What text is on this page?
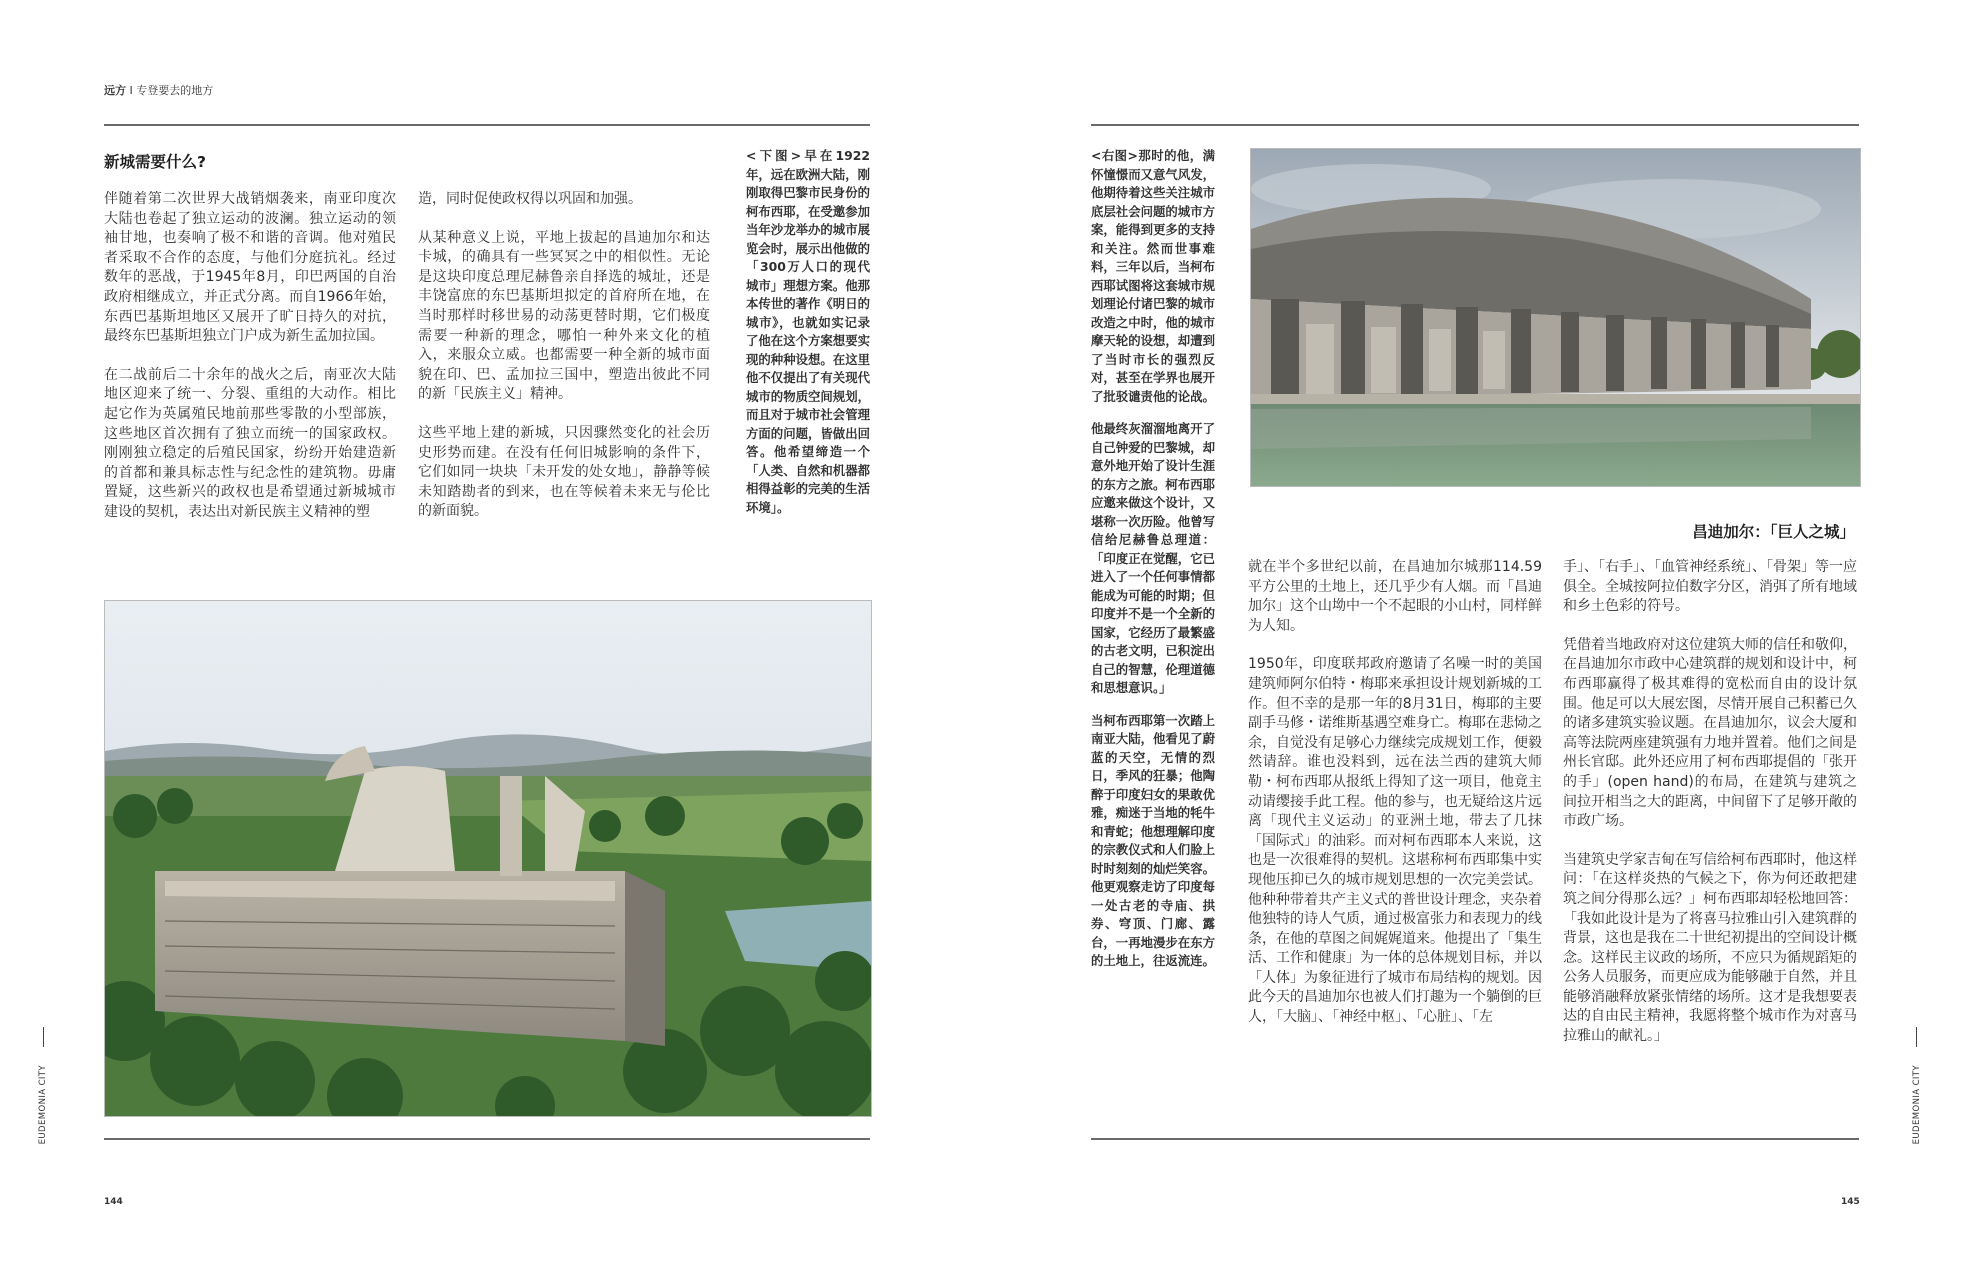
远方 I 专登要去的地方
新城需要什么?

伴随着第二次世界大战销烟袭来，南亚印度次大陆也卷起了独立运动的波澜。独立运动的领袖甘地，也奏响了极不和谐的音调。他对殖民者采取不合作的态度，与他们分庭抗礼。经过数年的恶战，于1945年8月，印巴两国的自治政府相继成立，并正式分离。而自1966年始，东西巴基斯坦地区又展开了旷日持久的对抗，最终东巴基斯坦独立门户成为新生孟加拉国。

在二战前后二十余年的战火之后，南亚次大陆地区迎来了统一、分裂、重组的大动作。相比起它作为英属殖民地前那些零散的小型部族，这些地区首次拥有了独立而统一的国家政权。刚刚独立稳定的后殖民国家，纷纷开始建造新的首都和兼具标志性与纪念性的建筑物。毋庸置疑，这些新兴的政权也是希望通过新城城市建设的契机，表达出对新民族主义精神的塑

造，同时促使政权得以巩固和加强。

从某种意义上说，平地上拔起的昌迪加尔和达卡城，的确具有一些冥冥之中的相似性。无论是这块印度总理尼赫鲁亲自择选的城址，还是丰饶富庶的东巴基斯坦拟定的首府所在地，在当时那样时移世易的动荡更替时期，它们极度需要一种新的理念，哪怕一种外来文化的植入，来服众立威。也都需要一种全新的城市面貌在印、巴、孟加拉三国中，塑造出彼此不同的新「民族主义」精神。

这些平地上建的新城，只因骤然变化的社会历史形势而建。在没有任何旧城影响的条件下，它们如同一块块「未开发的处女地」，静静等候未知踏勘者的到来，也在等候着未来无与伦比的新面貌。

<下图>早在1922年，远在欧洲大陆，刚刚取得巴黎市民身份的柯布西耶，在受邀参加当年沙龙举办的城市展览会时，展示出他做的「300万人口的现代城市」理想方案。他那本传世的著作《明日的城市》，也就如实记录了他在这个方案想要实现的种种设想。在这里他不仅提出了有关现代城市的物质空间规划，而且对于城市社会管理方面的问题，皆做出回答。他希望缔造一个「人类、自然和机器都相得益彰的完美的生活环境」。

EUDEMONIA CITY
144

<右图>那时的他，满怀憧憬而又意气风发，他期待着这些关注城市底层社会问题的城市方案，能得到更多的支持和关注。然而世事难料，三年以后，当柯布西耶试图将这套城市规划理论付诸巴黎的城市改造之中时，他的城市摩天轮的设想，却遭到了当时市长的强烈反对，甚至在学界也展开了批驳谴责他的论战。

他最终灰溜溜地离开了自己钟爱的巴黎城，却意外地开始了设计生涯的东方之旅。柯布西耶应邀来做这个设计，又堪称一次历险。他曾写信给尼赫鲁总理道：「印度正在觉醒，它已进入了一个任何事情都能成为可能的时期；但印度并不是一个全新的国家，它经历了最繁盛的古老文明，已积淀出自己的智慧，伦理道德和思想意识。」

当柯布西耶第一次踏上南亚大陆，他看见了蔚蓝的天空，无情的烈日，季风的狂暴；他陶醉于印度妇女的果敢优雅，痴迷于当地的牦牛和青蛇；他想理解印度的宗教仪式和人们脸上时时刻刻的灿烂笑容。他更观察走访了印度每一处古老的寺庙、拱券、穹顶、门廊、露台，一再地漫步在东方的土地上，往返流连。

昌迪加尔：「巨人之城」

就在半个多世纪以前，在昌迪加尔城那114.59平方公里的土地上，还几乎少有人烟。而「昌迪加尔」这个山坳中一个不起眼的小山村，同样鲜为人知。

1950年，印度联邦政府邀请了名噪一时的美国建筑师阿尔伯特・梅耶来承担设计规划新城的工作。但不幸的是那一年的8月31日，梅耶的主要副手马修・诺维斯基遇空难身亡。梅耶在悲恸之余，自觉没有足够心力继续完成规划工作，便毅然请辞。谁也没料到，远在法兰西的建筑大师勒・柯布西耶从报纸上得知了这一项目，他竟主动请缨接手此工程。他的参与，也无疑给这片远离「现代主义运动」的亚洲土地，带去了几抹「国际式」的油彩。而对柯布西耶本人来说，这也是一次很难得的契机。这堪称柯布西耶集中实现他压抑已久的城市规划思想的一次完美尝试。他种种带着共产主义式的普世设计理念，夹杂着他独特的诗人气质，通过极富张力和表现力的线条，在他的草图之间娓娓道来。他提出了「集生活、工作和健康」为一体的总体规划目标，并以「人体」为象征进行了城市布局结构的规划。因此今天的昌迪加尔也被人们打趣为一个躺倒的巨人，「大脑」、「神经中枢」、「心脏」、「左

手」、「右手」、「血管神经系统」、「骨架」等一应俱全。全城按阿拉伯数字分区，消弭了所有地域和乡土色彩的符号。

凭借着当地政府对这位建筑大师的信任和敬仰，在昌迪加尔市政中心建筑群的规划和设计中，柯布西耶赢得了极其难得的宽松而自由的设计氛围。他足可以大展宏图，尽情开展自己积蓄已久的诸多建筑实验议题。在昌迪加尔，议会大厦和高等法院两座建筑强有力地并置着。他们之间是州长官邸。此外还应用了柯布西耶提倡的「张开的手」(open hand)的布局，在建筑与建筑之间拉开相当之大的距离，中间留下了足够开敞的市政广场。

当建筑史学家吉甸在写信给柯布西耶时，他这样问：「在这样炎热的气候之下，你为何还敢把建筑之间分得那么远？」柯布西耶却轻松地回答：「我如此设计是为了将喜马拉雅山引入建筑群的背景，这也是我在二十世纪初提出的空间设计概念。这样民主议政的场所，不应只为循规蹈矩的公务人员服务，而更应成为能够融于自然，并且能够消融释放紧张情绪的场所。这才是我想要表达的自由民主精神，我愿将整个城市作为对喜马拉雅山的献礼。」

EUDEMONIA CITY
145
